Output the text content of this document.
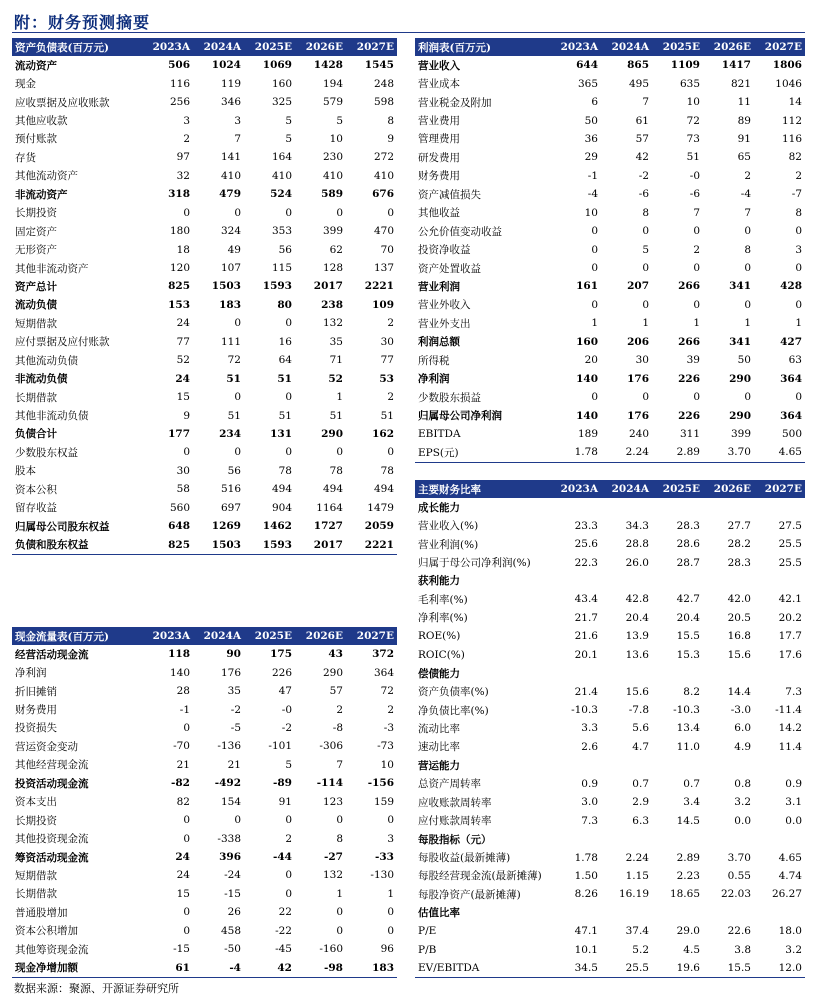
附：财务预测摘要
资产负债表(百万元)	2023A	2024A	2025E	2026E	2027E
流动资产	506	1024	1069	1428	1545
现金	116	119	160	194	248
应收票据及应收账款	256	346	325	579	598
其他应收款	3	3	5	5	8
预付账款	2	7	5	10	9
存货	97	141	164	230	272
其他流动资产	32	410	410	410	410
非流动资产	318	479	524	589	676
长期投资	0	0	0	0	0
固定资产	180	324	353	399	470
无形资产	18	49	56	62	70
其他非流动资产	120	107	115	128	137
资产总计	825	1503	1593	2017	2221
流动负债	153	183	80	238	109
短期借款	24	0	0	132	2
应付票据及应付账款	77	111	16	35	30
其他流动负债	52	72	64	71	77
非流动负债	24	51	51	52	53
长期借款	15	0	0	1	2
其他非流动负债	9	51	51	51	51
负债合计	177	234	131	290	162
少数股东权益	0	0	0	0	0
股本	30	56	78	78	78
资本公积	58	516	494	494	494
留存收益	560	697	904	1164	1479
归属母公司股东权益	648	1269	1462	1727	2059
负债和股东权益	825	1503	1593	2017	2221
利润表(百万元)	2023A	2024A	2025E	2026E	2027E
营业收入	644	865	1109	1417	1806
营业成本	365	495	635	821	1046
营业税金及附加	6	7	10	11	14
营业费用	50	61	72	89	112
管理费用	36	57	73	91	116
研发费用	29	42	51	65	82
财务费用	-1	-2	-0	2	2
资产减值损失	-4	-6	-6	-4	-7
其他收益	10	8	7	7	8
公允价值变动收益	0	0	0	0	0
投资净收益	0	5	2	8	3
资产处置收益	0	0	0	0	0
营业利润	161	207	266	341	428
营业外收入	0	0	0	0	0
营业外支出	1	1	1	1	1
利润总额	160	206	266	341	427
所得税	20	30	39	50	63
净利润	140	176	226	290	364
少数股东损益	0	0	0	0	0
归属母公司净利润	140	176	226	290	364
EBITDA	189	240	311	399	500
EPS(元)	1.78	2.24	2.89	3.70	4.65
主要财务比率	2023A	2024A	2025E	2026E	2027E
成长能力					
营业收入(%)	23.3	34.3	28.3	27.7	27.5
营业利润(%)	25.6	28.8	28.6	28.2	25.5
归属于母公司净利润(%)	22.3	26.0	28.7	28.3	25.5
获利能力					
毛利率(%)	43.4	42.8	42.7	42.0	42.1
净利率(%)	21.7	20.4	20.4	20.5	20.2
ROE(%)	21.6	13.9	15.5	16.8	17.7
ROIC(%)	20.1	13.6	15.3	15.6	17.6
偿债能力					
资产负债率(%)	21.4	15.6	8.2	14.4	7.3
净负债比率(%)	-10.3	-7.8	-10.3	-3.0	-11.4
流动比率	3.3	5.6	13.4	6.0	14.2
速动比率	2.6	4.7	11.0	4.9	11.4
营运能力					
总资产周转率	0.9	0.7	0.7	0.8	0.9
应收账款周转率	3.0	2.9	3.4	3.2	3.1
应付账款周转率	7.3	6.3	14.5	0.0	0.0
每股指标（元）					
每股收益(最新摊薄)	1.78	2.24	2.89	3.70	4.65
每股经营现金流(最新摊薄)	1.50	1.15	2.23	0.55	4.74
每股净资产(最新摊薄)	8.26	16.19	18.65	22.03	26.27
估值比率					
P/E	47.1	37.4	29.0	22.6	18.0
P/B	10.1	5.2	4.5	3.8	3.2
EV/EBITDA	34.5	25.5	19.6	15.5	12.0
现金流量表(百万元)	2023A	2024A	2025E	2026E	2027E
经营活动现金流	118	90	175	43	372
净利润	140	176	226	290	364
折旧摊销	28	35	47	57	72
财务费用	-1	-2	-0	2	2
投资损失	0	-5	-2	-8	-3
营运资金变动	-70	-136	-101	-306	-73
其他经营现金流	21	21	5	7	10
投资活动现金流	-82	-492	-89	-114	-156
资本支出	82	154	91	123	159
长期投资	0	0	0	0	0
其他投资现金流	0	-338	2	8	3
筹资活动现金流	24	396	-44	-27	-33
短期借款	24	-24	0	132	-130
长期借款	15	-15	0	1	1
普通股增加	0	26	22	0	0
资本公积增加	0	458	-22	0	0
其他筹资现金流	-15	-50	-45	-160	96
现金净增加额	61	-4	42	-98	183
数据来源：聚源、开源证券研究所
